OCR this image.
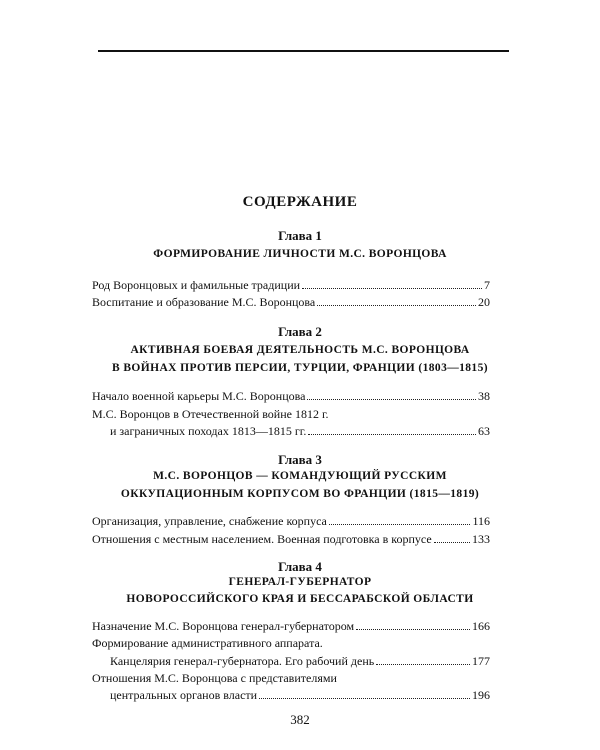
СОДЕРЖАНИЕ
Глава 1
ФОРМИРОВАНИЕ ЛИЧНОСТИ М.С. ВОРОНЦОВА
Род Воронцовых и фамильные традиции	7
Воспитание и образование М.С. Воронцова	20
Глава 2
АКТИВНАЯ БОЕВАЯ ДЕЯТЕЛЬНОСТЬ М.С. ВОРОНЦОВА
В ВОЙНАХ ПРОТИВ ПЕРСИИ, ТУРЦИИ, ФРАНЦИИ (1803—1815)
Начало военной карьеры М.С. Воронцова	38
М.С. Воронцов в Отечественной войне 1812 г.
и заграничных походах 1813—1815 гг.	63
Глава 3
М.С. ВОРОНЦОВ — КОМАНДУЮЩИЙ РУССКИМ
ОККУПАЦИОННЫМ КОРПУСОМ ВО ФРАНЦИИ (1815—1819)
Организация, управление, снабжение корпуса	116
Отношения с местным населением. Военная подготовка в корпусе	133
Глава 4
ГЕНЕРАЛ-ГУБЕРНАТОР
НОВОРОССИЙСКОГО КРАЯ И БЕССАРАБСКОЙ ОБЛАСТИ
Назначение М.С. Воронцова генерал-губернатором	166
Формирование административного аппарата.
Канцелярия генерал-губернатора. Его рабочий день	177
Отношения М.С. Воронцова с представителями
центральных органов власти	196
382
